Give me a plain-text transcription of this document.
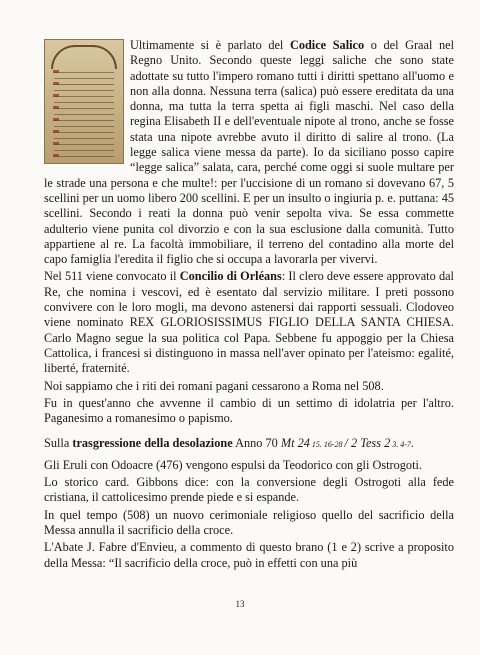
Ultimamente si è parlato del Codice Salico o del Graal nel Regno Unito. Secondo queste leggi saliche che sono state adottate su tutto l'impero romano tutti i diritti spettano all'uomo e non alla donna. Nessuna terra (salica) può essere ereditata da una donna, ma tutta la terra spetta ai figli maschi. Nel caso della regina Elisabeth II e dell'eventuale nipote al trono, anche se fosse stata una nipote avrebbe avuto il diritto di salire al trono. (La legge salica viene messa da parte). Io da siciliano posso capire “legge salica” salata, cara, perché come oggi si suole multare per le strade una persona e che multe!: per l'uccisione di un romano si dovevano 67, 5 scellini per un uomo libero 200 scellini. E per un insulto o ingiuria p. e. puttana: 45 scellini. Secondo i reati la donna può venir sepolta viva. Se essa commette adulterio viene punita col divorzio e con la sua esclusione dalla comunità. Tutto appartiene al re. La facoltà immobiliare, il terreno del contadino alla morte del capo famiglia l'eredita il figlio che si occupa a lavorarla per vivervi.

Nel 511 viene convocato il Concilio di Orléans: Il clero deve essere approvato dal Re, che nomina i vescovi, ed è esentato dal servizio militare. I preti possono convivere con le loro mogli, ma devono astenersi dai rapporti sessuali. Clodoveo viene nominato REX GLORIOSISSIMUS FIGLIO DELLA SANTA CHIESA. Carlo Magno segue la sua politica col Papa. Sebbene fu appoggio per la Chiesa Cattolica, i francesi si distinguono in massa nell'aver opinato per l'ateismo: egalité, liberté, fraternité.

Noi sappiamo che i riti dei romani pagani cessarono a Roma nel 508.

Fu in quest'anno che avvenne il cambio di un settimo di idolatria per l'altro. Paganesimo a romanesimo o papismo.

Sulla trasgressione della desolazione Anno 70 Mt 24 15. 16-28 / 2 Tess 2 3. 4-7.

Gli Eruli con Odoacre (476) vengono espulsi da Teodorico con gli Ostrogoti.

Lo storico card. Gibbons dice: con la conversione degli Ostrogoti alla fede cristiana, il cattolicesimo prende piede e si espande.

In quel tempo (508) un nuovo cerimoniale religioso quello del sacrificio della Messa annulla il sacrificio della croce.

L'Abate J. Fabre d'Envieu, a commento di questo brano (1 e 2) scrive a proposito della Messa: “Il sacrificio della croce, può in effetti con una più

13
